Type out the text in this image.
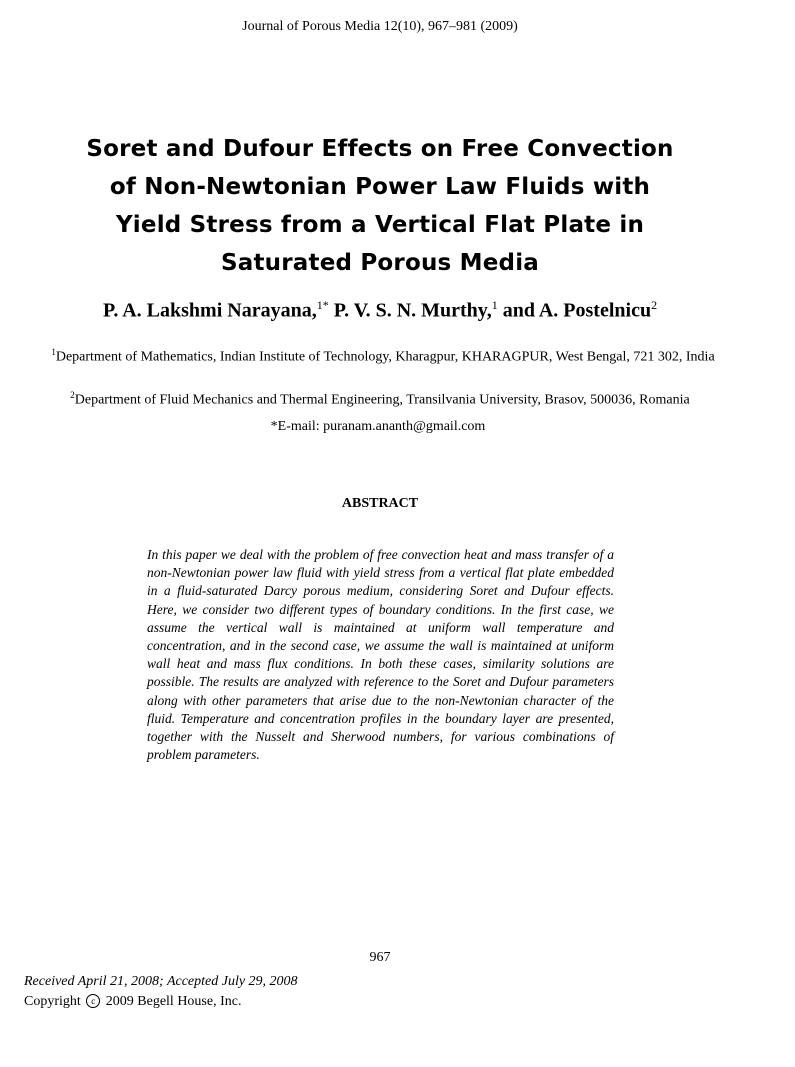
Journal of Porous Media 12(10), 967–981 (2009)
Soret and Dufour Effects on Free Convection
of Non-Newtonian Power Law Fluids with
Yield Stress from a Vertical Flat Plate in
Saturated Porous Media
P. A. Lakshmi Narayana,$^{1*}$ P. V. S. N. Murthy,$^1$ and A. Postelnicu$^2$
$^1$Department of Mathematics, Indian Institute of Technology, Kharagpur, KHARAGPUR, West Bengal, 721 302, India
$^2$Department of Fluid Mechanics and Thermal Engineering, Transilvania University, Brasov, 500036, Romania
*E-mail: puranam.ananth@gmail.com
ABSTRACT

In this paper we deal with the problem of free convection heat and mass transfer of a non-Newtonian power law fluid with yield stress from a vertical flat plate embedded in a fluid-saturated Darcy porous medium, considering Soret and Dufour effects. Here, we consider two different types of boundary conditions. In the first case, we assume the vertical wall is maintained at uniform wall temperature and concentration, and in the second case, we assume the wall is maintained at uniform wall heat and mass flux conditions. In both these cases, similarity solutions are possible. The results are analyzed with reference to the Soret and Dufour parameters along with other parameters that arise due to the non-Newtonian character of the fluid. Temperature and concentration profiles in the boundary layer are presented, together with the Nusselt and Sherwood numbers, for various combinations of problem parameters.

967
Received April 21, 2008; Accepted July 29, 2008
Copyright c 2009 Begell House, Inc.
